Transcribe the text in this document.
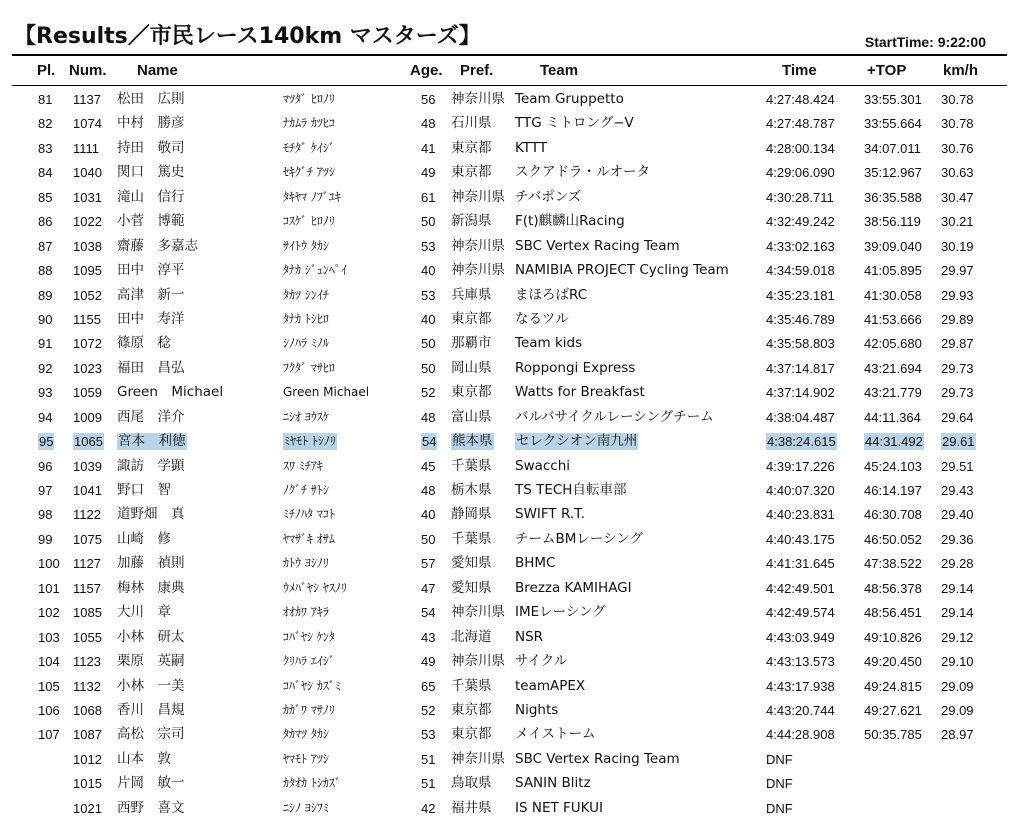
【Results／市民レース140km マスターズ】	StartTime: 9:22:00
Pl. Num. Name	Age. Pref.	Team	Time	+TOP km/h
81 1137 松田　広則	ﾏﾂﾀﾞ ﾋﾛﾉﾘ	56 神奈川県 Team Gruppetto	4:27:48.424 33:55.301 30.78
82 1074 中村　勝彦	ﾅｶﾑﾗ ｶﾂﾋｺ	48 石川県 TTG ミトロング−V	4:27:48.787 33:55.664 30.78
83 1111 持田　敬司	ﾓﾁﾀﾞ ｹｲｼﾞ	41 東京都 KTTT	4:28:00.134 34:07.011 30.76
84 1040 関口　篤史	ｾｷｸﾞﾁ ｱﾂｼ	49 東京都 スクアドラ・ルオータ	4:29:06.090 35:12.967 30.63
85 1031 滝山　信行	ﾀｷﾔﾏ ﾉﾌﾞﾕｷ	61 神奈川県 チバポンズ	4:30:28.711 36:35.588 30.47
86 1022 小菅　博範	ｺｽｹﾞ ﾋﾛﾉﾘ	50 新潟県 F(t)麒麟山Racing	4:32:49.242 38:56.119 30.21
87 1038 齋藤　多嘉志	ｻｲﾄｳ ﾀｶｼ	53 神奈川県 SBC Vertex Racing Team	4:33:02.163 39:09.040 30.19
88 1095 田中　淳平	ﾀﾅｶ ｼﾞｭﾝﾍﾟｲ	40 神奈川県 NAMIBIA PROJECT Cycling Team	4:34:59.018 41:05.895 29.97
89 1052 高津　新一	ﾀｶﾂ ｼﾝｲﾁ	53 兵庫県 まほろばRC	4:35:23.181 41:30.058 29.93
90 1155 田中　寿洋	ﾀﾅｶ ﾄｼﾋﾛ	40 東京都 なるツル	4:35:46.789 41:53.666 29.89
91 1072 篠原　稔	ｼﾉﾊﾗ ﾐﾉﾙ	50 那覇市 Team kids	4:35:58.803 42:05.680 29.87
92 1023 福田　昌弘	ﾌｸﾀﾞ ﾏｻﾋﾛ	50 岡山県 Roppongi Express	4:37:14.817 43:21.694 29.73
93 1059 Green　Michael	Green Michael	52 東京都 Watts for Breakfast	4:37:14.902 43:21.779 29.73
94 1009 西尾　洋介	ﾆｼｵ ﾖｳｽｹ	48 富山県 バルバサイクルレーシングチーム	4:38:04.487 44:11.364 29.64
95 1065 宮本　利徳	ﾐﾔﾓﾄ ﾄｼﾉﾘ	54 熊本県 セレクシオン南九州	4:38:24.615 44:31.492 29.61
96 1039 諏訪　学顕	ｽﾜ ﾐﾁｱｷ	45 千葉県 Swacchi	4:39:17.226 45:24.103 29.51
97 1041 野口　智	ﾉｸﾞﾁ ｻﾄｼ	48 栃木県 TS TECH自転車部	4:40:07.320 46:14.197 29.43
98 1122 道野畑　真	ﾐﾁﾉﾊﾀ ﾏｺﾄ	40 静岡県 SWIFT R.T.	4:40:23.831 46:30.708 29.40
99 1075 山崎　修	ﾔﾏｻﾞｷ ｵｻﾑ	50 千葉県 チームBMレーシング	4:40:43.175 46:50.052 29.36
100 1127 加藤　禎則	ｶﾄｳ ﾖｼﾉﾘ	57 愛知県 BHMC	4:41:31.645 47:38.522 29.28
101 1157 梅林　康典	ｳﾒﾊﾞﾔｼ ﾔｽﾉﾘ	47 愛知県 Brezza KAMIHAGI	4:42:49.501 48:56.378 29.14
102 1085 大川　章	ｵｵｶﾜ ｱｷﾗ	54 神奈川県 IMEレーシング	4:42:49.574 48:56.451 29.14
103 1055 小林　研太	ｺﾊﾞﾔｼ ｹﾝﾀ	43 北海道 NSR	4:43:03.949 49:10.826 29.12
104 1123 栗原　英嗣	ｸﾘﾊﾗ ｴｲｼﾞ	49 神奈川県 サイクル	4:43:13.573 49:20.450 29.10
105 1132 小林　一美	ｺﾊﾞﾔｼ ｶｽﾞﾐ	65 千葉県 teamAPEX	4:43:17.938 49:24.815 29.09
106 1068 香川　昌規	ｶｶﾞﾜ ﾏｻﾉﾘ	52 東京都 Nights	4:43:20.744 49:27.621 29.09
107 1087 高松　宗司	ﾀｶﾏﾂ ﾀｶｼ	53 東京都 メイストーム	4:44:28.908 50:35.785 28.97
1012 山本　敦	ﾔﾏﾓﾄ ｱﾂｼ	51 神奈川県 SBC Vertex Racing Team	DNF
1015 片岡　敏一	ｶﾀｵｶ ﾄｼｶｽﾞ	51 鳥取県 SANIN Blitz	DNF
1021 西野　喜文	ﾆｼﾉ ﾖｼﾌﾐ	42 福井県 IS NET FUKUI	DNF
